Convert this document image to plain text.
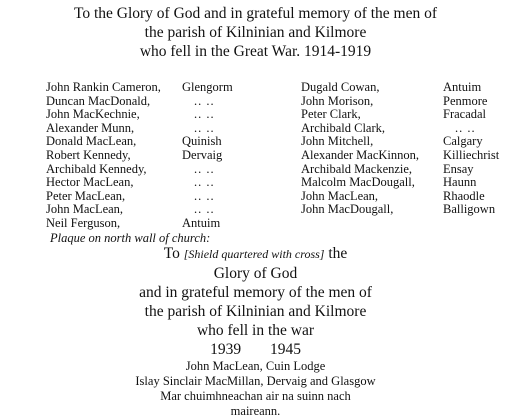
To the Glory of God and in grateful memory of the men of
the parish of Kilninian and Kilmore
who fell in the Great War. 1914-1919
John Rankin Cameron,	Glengorm
Duncan MacDonald,	.. ..
John MacKechnie,	.. ..
Alexander Munn,	.. ..
Donald MacLean,	Quinish
Robert Kennedy,	Dervaig
Archibald Kennedy,	.. ..
Hector MacLean,	.. ..
Peter MacLean,	.. ..
John MacLean,	.. ..
Neil Ferguson,	Antuim
Dugald Cowan,	Antuim
John Morison,	Penmore
Peter Clark,	Fracadal
Archibald Clark,	.. ..
John Mitchell,	Calgary
Alexander MacKinnon,	Killiechrist
Archibald Mackenzie,	Ensay
Malcolm MacDougall,	Haunn
John MacLean,	Rhaodle
John MacDougall,	Balligown
Plaque on north wall of church:
To [Shield quartered with cross] the
Glory of God
and in grateful memory of the men of
the parish of Kilninian and Kilmore
who fell in the war
1939 1945
John MacLean, Cuin Lodge
Islay Sinclair MacMillan, Dervaig and Glasgow
Mar chuimhneachan air na suinn nach
maireann.
